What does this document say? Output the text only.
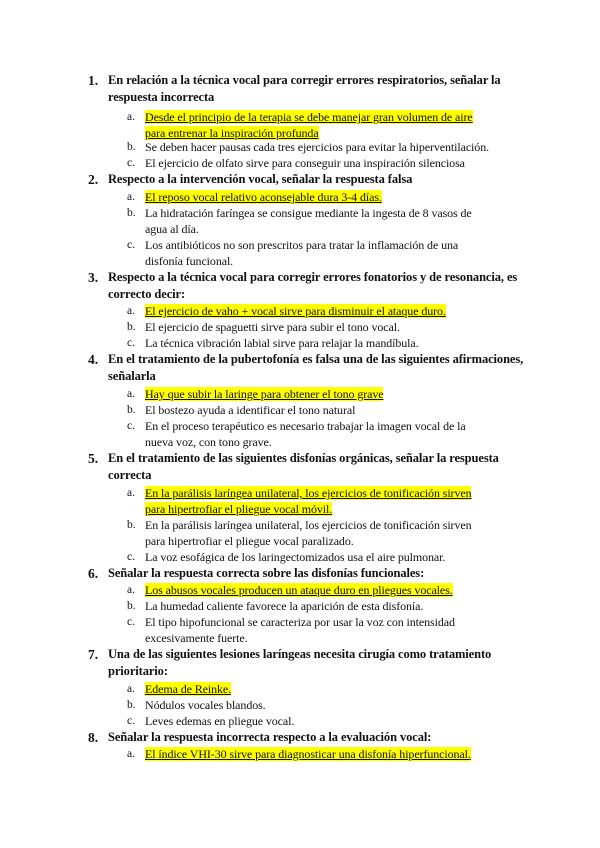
1. En relación a la técnica vocal para corregir errores respiratorios, señalar la respuesta incorrecta
a. Desde el principio de la terapia se debe manejar gran volumen de aire para entrenar la inspiración profunda
b. Se deben hacer pausas cada tres ejercicios para evitar la hiperventilación.
c. El ejercicio de olfato sirve para conseguir una inspiración silenciosa
2. Respecto a la intervención vocal, señalar la respuesta falsa
a. El reposo vocal relativo aconsejable dura 3-4 días.
b. La hidratación faríngea se consigue mediante la ingesta de 8 vasos de agua al día.
c. Los antibióticos no son prescritos para tratar la inflamación de una disfonía funcional.
3. Respecto a la técnica vocal para corregir errores fonatorios y de resonancia, es correcto decir:
a. El ejercicio de vaho + vocal sirve para disminuir el ataque duro.
b. El ejercicio de spaguetti sirve para subir el tono vocal.
c. La técnica vibración labial sirve para relajar la mandíbula.
4. En el tratamiento de la pubertofonía es falsa una de las siguientes afirmaciones, señalarla
a. Hay que subir la laringe para obtener el tono grave
b. El bostezo ayuda a identificar el tono natural
c. En el proceso terapéutico es necesario trabajar la imagen vocal de la nueva voz, con tono grave.
5. En el tratamiento de las siguientes disfonías orgánicas, señalar la respuesta correcta
a. En la parálisis laríngea unilateral, los ejercicios de tonificación sirven para hipertrofiar el pliegue vocal móvil.
b. En la parálisis laríngea unilateral, los ejercicios de tonificación sirven para hipertrofiar el pliegue vocal paralizado.
c. La voz esofágica de los laringectomizados usa el aire pulmonar.
6. Señalar la respuesta correcta sobre las disfonías funcionales:
a. Los abusos vocales producen un ataque duro en pliegues vocales.
b. La humedad caliente favorece la aparición de esta disfonía.
c. El tipo hipofuncional se caracteriza por usar la voz con intensidad excesivamente fuerte.
7. Una de las siguientes lesiones laríngeas necesita cirugía como tratamiento prioritario:
a. Edema de Reinke.
b. Nódulos vocales blandos.
c. Leves edemas en pliegue vocal.
8. Señalar la respuesta incorrecta respecto a la evaluación vocal:
a. El índice VHI-30 sirve para diagnosticar una disfonía hiperfuncional.
